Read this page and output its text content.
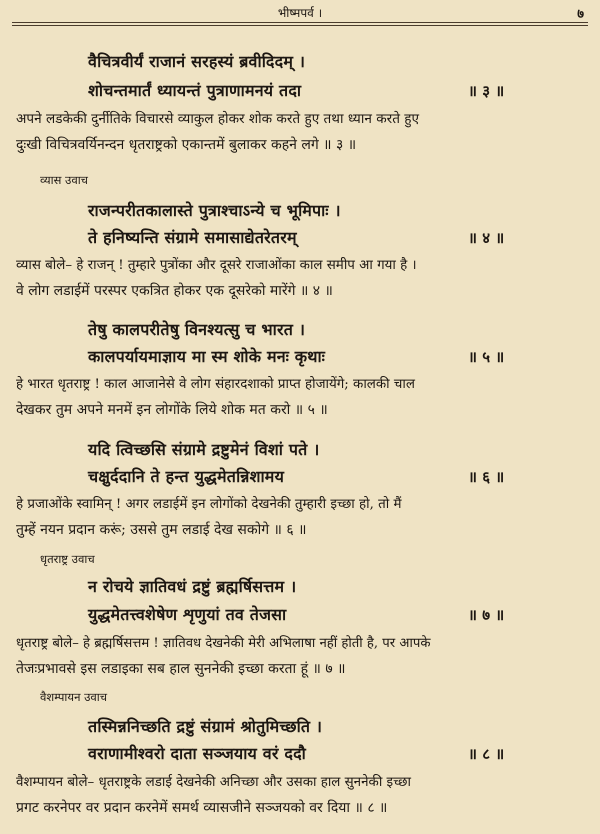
भीष्मपर्व ।	७
वैचित्रवीर्यं राजानं सरहस्यं ब्रवीदिदम् ।
शोचन्तमार्तं ध्यायन्तं पुत्राणामनयं तदा	॥ ३ ॥
अपने लडकेकी दुर्नीतिके विचारसे व्याकुल होकर शोक करते हुए तथा ध्यान करते हुए
दुःखी विचित्रवर्यिनन्दन धृतराष्ट्रको एकान्तमें बुलाकर कहने लगे ॥ ३ ॥
व्यास उवाच
राजन्परीतकालास्ते पुत्राश्चाऽन्ये च भूमिपाः ।
ते हनिष्यन्ति संग्रामे समासाद्येतरेतरम्	॥ ४ ॥
व्यास बोले– हे राजन् ! तुम्हारे पुत्रोंका और दूसरे राजाओंका काल समीप आ गया है ।
वे लोग लडाईमें परस्पर एकत्रित होकर एक दूसरेको मारेंगे ॥ ४ ॥
तेषु कालपरीतेषु विनश्यत्सु च भारत ।
कालपर्यायमाज्ञाय मा स्म शोके मनः कृथाः	॥ ५ ॥
हे भारत धृतराष्ट्र ! काल आजानेसे वे लोग संहारदशाको प्राप्त होजायेंगे; कालकी चाल
देखकर तुम अपने मनमें इन लोगोंके लिये शोक मत करो ॥ ५ ॥
यदि त्विच्छसि संग्रामे द्रष्टुमेनं विशां पते ।
चक्षुर्ददानि ते हन्त युद्धमेतन्निशामय	॥ ६ ॥
हे प्रजाओंके स्वामिन् ! अगर लडाईमें इन लोगोंको देखनेकी तुम्हारी इच्छा हो, तो मैं
तुम्हें नयन प्रदान करूं; उससे तुम लडाई देख सकोगे ॥ ६ ॥
धृतराष्ट्र उवाच
न रोचये ज्ञातिवधं द्रष्टुं ब्रह्मर्षिसत्तम ।
युद्धमेतत्त्वशेषेण शृणुयां तव तेजसा	॥ ७ ॥
धृतराष्ट्र बोले– हे ब्रह्मर्षिसत्तम ! ज्ञातिवध देखनेकी मेरी अभिलाषा नहीं होती है, पर आपके
तेजःप्रभावसे इस लडाइका सब हाल सुननेकी इच्छा करता हूं ॥ ७ ॥
वैशम्पायन उवाच
तस्मिन्ननिच्छति द्रष्टुं संग्रामं श्रोतुमिच्छति ।
वराणामीश्वरो दाता सञ्जयाय वरं ददौ	॥ ८ ॥
वैशम्पायन बोले– धृतराष्ट्रके लडाई देखनेकी अनिच्छा और उसका हाल सुननेकी इच्छा
प्रगट करनेपर वर प्रदान करनेमें समर्थ व्यासजीने सञ्जयको वर दिया ॥ ८ ॥
